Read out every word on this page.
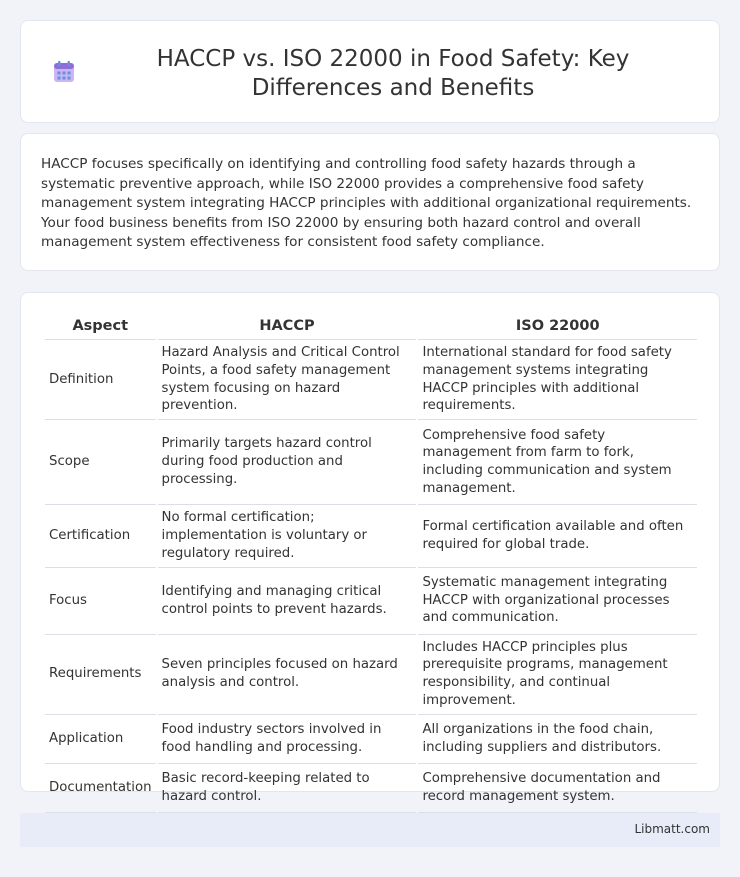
HACCP vs. ISO 22000 in Food Safety: Key Differences and Benefits

HACCP focuses specifically on identifying and controlling food safety hazards through a systematic preventive approach, while ISO 22000 provides a comprehensive food safety management system integrating HACCP principles with additional organizational requirements. Your food business benefits from ISO 22000 by ensuring both hazard control and overall management system effectiveness for consistent food safety compliance.

Aspect	HACCP	ISO 22000
Definition	Hazard Analysis and Critical Control Points, a food safety management system focusing on hazard prevention.	International standard for food safety management systems integrating HACCP principles with additional requirements.
Scope	Primarily targets hazard control during food production and processing.	Comprehensive food safety management from farm to fork, including communication and system management.
Certification	No formal certification; implementation is voluntary or regulatory required.	Formal certification available and often required for global trade.
Focus	Identifying and managing critical control points to prevent hazards.	Systematic management integrating HACCP with organizational processes and communication.
Requirements	Seven principles focused on hazard analysis and control.	Includes HACCP principles plus prerequisite programs, management responsibility, and continual improvement.
Application	Food industry sectors involved in food handling and processing.	All organizations in the food chain, including suppliers and distributors.
Documentation	Basic record-keeping related to hazard control.	Comprehensive documentation and record management system.
Libmatt.com
